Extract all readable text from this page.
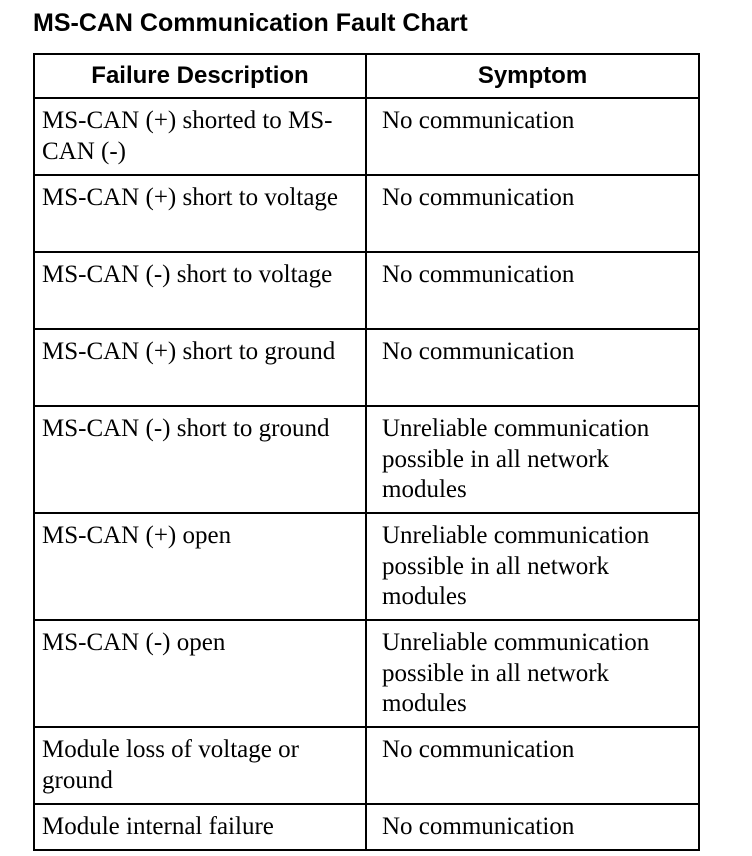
MS-CAN Communication Fault Chart
Failure Description	Symptom
MS-CAN (+) shorted to MS-CAN (-)	No communication
MS-CAN (+) short to voltage	No communication
MS-CAN (-) short to voltage	No communication
MS-CAN (+) short to ground	No communication
MS-CAN (-) short to ground	Unreliable communication possible in all network modules
MS-CAN (+) open	Unreliable communication possible in all network modules
MS-CAN (-) open	Unreliable communication possible in all network modules
Module loss of voltage or ground	No communication
Module internal failure	No communication
